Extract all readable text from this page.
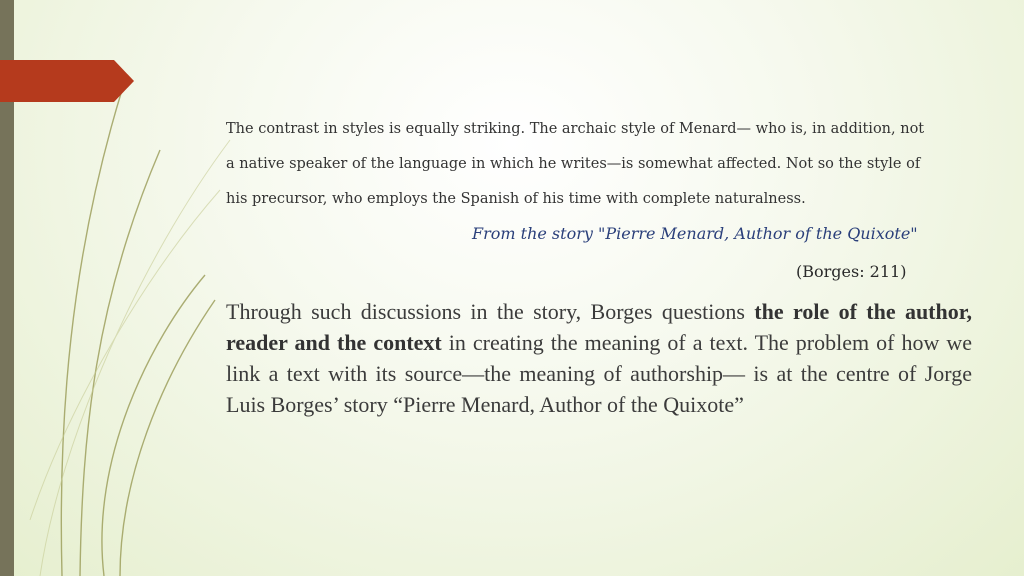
The contrast in styles is equally striking. The archaic style of Menard— who is, in addition, not

a native speaker of the language in which he writes—is somewhat affected. Not so the style of

his precursor, who employs the Spanish of his time with complete naturalness.

From the story "Pierre Menard, Author of the Quixote"
(Borges: 211)

Through such discussions in the story, Borges questions the role of the author, reader and the context in creating the meaning of a text. The problem of how we link a text with its source—the meaning of authorship— is at the centre of Jorge Luis Borges’ story “Pierre Menard, Author of the Quixote”
